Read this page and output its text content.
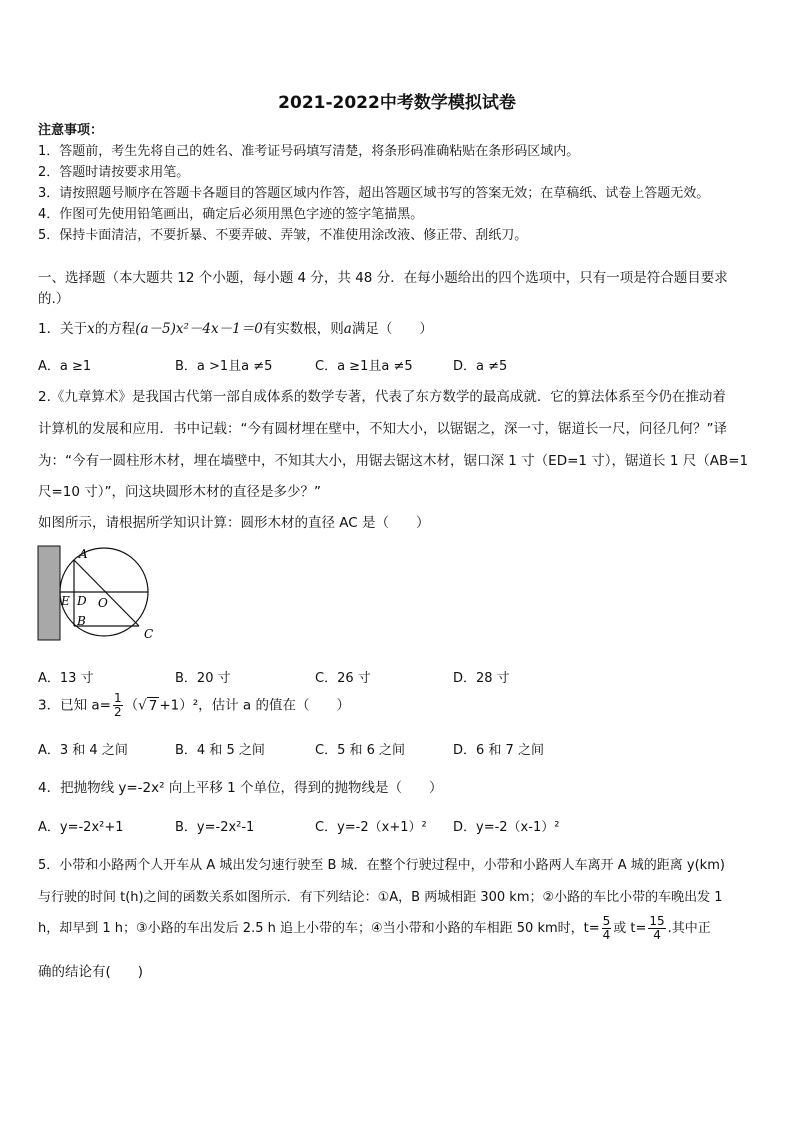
2021-2022中考数学模拟试卷
注意事项：
1．答题前，考生先将自己的姓名、准考证号码填写清楚，将条形码准确粘贴在条形码区域内。
2．答题时请按要求用笔。
3．请按照题号顺序在答题卡各题目的答题区域内作答，超出答题区域书写的答案无效；在草稿纸、试卷上答题无效。
4．作图可先使用铅笔画出，确定后必须用黑色字迹的签字笔描黑。
5．保持卡面清洁，不要折暴、不要弄破、弄皱，不准使用涂改液、修正带、刮纸刀。
一、选择题（本大题共 12 个小题，每小题 4 分，共 48 分．在每小题给出的四个选项中，只有一项是符合题目要求
的.）
1．关于x的方程(a－5)x²－4x－1＝0有实数根，则a满足（　　）
A．a ≥1	B．a >1且a ≠5	C．a ≥1且a ≠5	D．a ≠5
2.《九章算术》是我国古代第一部自成体系的数学专著，代表了东方数学的最高成就．它的算法体系至今仍在推动着
计算机的发展和应用．书中记载：“今有圆材埋在壁中，不知大小，以锯锯之，深一寸，锯道长一尺，问径几何？”译
为：“今有一圆柱形木材，埋在墙壁中，不知其大小，用锯去锯这木材，锯口深 1 寸（ED=1 寸），锯道长 1 尺（AB=1
尺=10 寸）”，问这块圆形木材的直径是多少？”
如图所示，请根据所学知识计算：圆形木材的直径 AC 是（　　）
A
E D O
B
C
A．13 寸	B．20 寸	C．26 寸	D．28 寸
3．已知 $a= \frac{1}{2}$ （√ 7 +1）²，估计 a 的值在（　　）
A．3 和 4 之间	B．4 和 5 之间	C．5 和 6 之间	D．6 和 7 之间
4．把抛物线 y=-2x² 向上平移 1 个单位，得到的抛物线是（　　）
A．y=-2x²+1	B．y=-2x²-1	C．y=-2（x+1）² D．y=-2（x-1）²
5．小带和小路两个人开车从 A 城出发匀速行驶至 B 城．在整个行驶过程中，小带和小路两人车离开 A 城的距离 y(km)
与行驶的时间 t(h)之间的函数关系如图所示．有下列结论：①A，B 两城相距 300 km；②小路的车比小带的车晚出发 1
h，却早到 1 h；③小路的车出发后 2.5 h 追上小带的车；④当小带和小路的车相距 50 km时，$t= \frac{5}{4}$ 或 $t= \frac{15}{4}$ .其中正
确的结论有(　　)
